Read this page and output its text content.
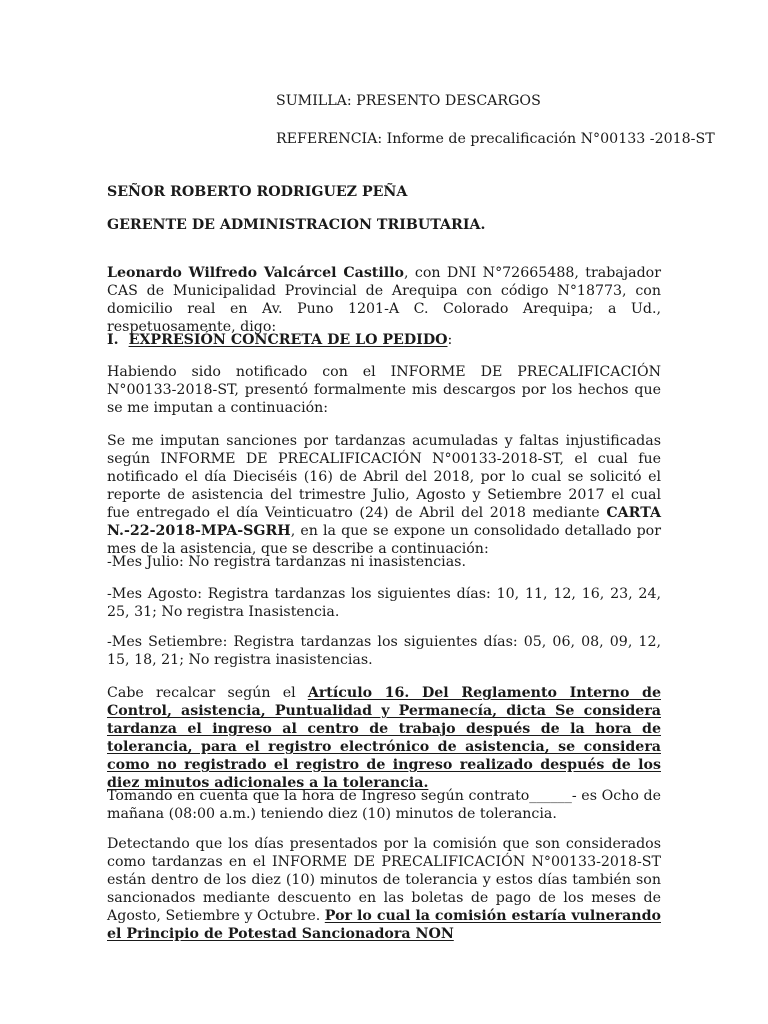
SUMILLA: PRESENTO DESCARGOS
REFERENCIA: Informe de precalificación N°00133 -2018-ST
SEÑOR ROBERTO RODRIGUEZ PEÑA
GERENTE DE ADMINISTRACION TRIBUTARIA.

Leonardo Wilfredo Valcárcel Castillo, con DNI N°72665488, trabajador CAS de Municipalidad Provincial de Arequipa con código N°18773, con domicilio real en Av. Puno 1201-A C. Colorado Arequipa; a Ud., respetuosamente, digo:

I. EXPRESIÓN CONCRETA DE LO PEDIDO:

Habiendo sido notificado con el INFORME DE PRECALIFICACIÓN N°00133-2018-ST, presentó formalmente mis descargos por los hechos que se me imputan a continuación:

Se me imputan sanciones por tardanzas acumuladas y faltas injustificadas según INFORME DE PRECALIFICACIÓN N°00133-2018-ST, el cual fue notificado el día Dieciséis (16) de Abril del 2018, por lo cual se solicitó el reporte de asistencia del trimestre Julio, Agosto y Setiembre 2017 el cual fue entregado el día Veinticuatro (24) de Abril del 2018 mediante CARTA N.-22-2018-MPA-SGRH, en la que se expone un consolidado detallado por mes de la asistencia, que se describe a continuación:

-Mes Julio: No registra tardanzas ni inasistencias.

-Mes Agosto: Registra tardanzas los siguientes días: 10, 11, 12, 16, 23, 24, 25, 31; No registra Inasistencia.

-Mes Setiembre: Registra tardanzas los siguientes días: 05, 06, 08, 09, 12, 15, 18, 21; No registra inasistencias.

Cabe recalcar según el Artículo 16. Del Reglamento Interno de Control, asistencia, Puntualidad y Permanecía, dicta Se considera tardanza el ingreso al centro de trabajo después de la hora de tolerancia, para el registro electrónico de asistencia, se considera como no registrado el registro de ingreso realizado después de los diez minutos adicionales a la tolerancia.

Tomando en cuenta que la hora de Ingreso según contrato______- es Ocho de mañana (08:00 a.m.) teniendo diez (10) minutos de tolerancia.

Detectando que los días presentados por la comisión que son considerados como tardanzas en el INFORME DE PRECALIFICACIÓN N°00133-2018-ST están dentro de los diez (10) minutos de tolerancia y estos días también son sancionados mediante descuento en las boletas de pago de los meses de Agosto, Setiembre y Octubre. Por lo cual la comisión estaría vulnerando el Principio de Potestad Sancionadora NON
